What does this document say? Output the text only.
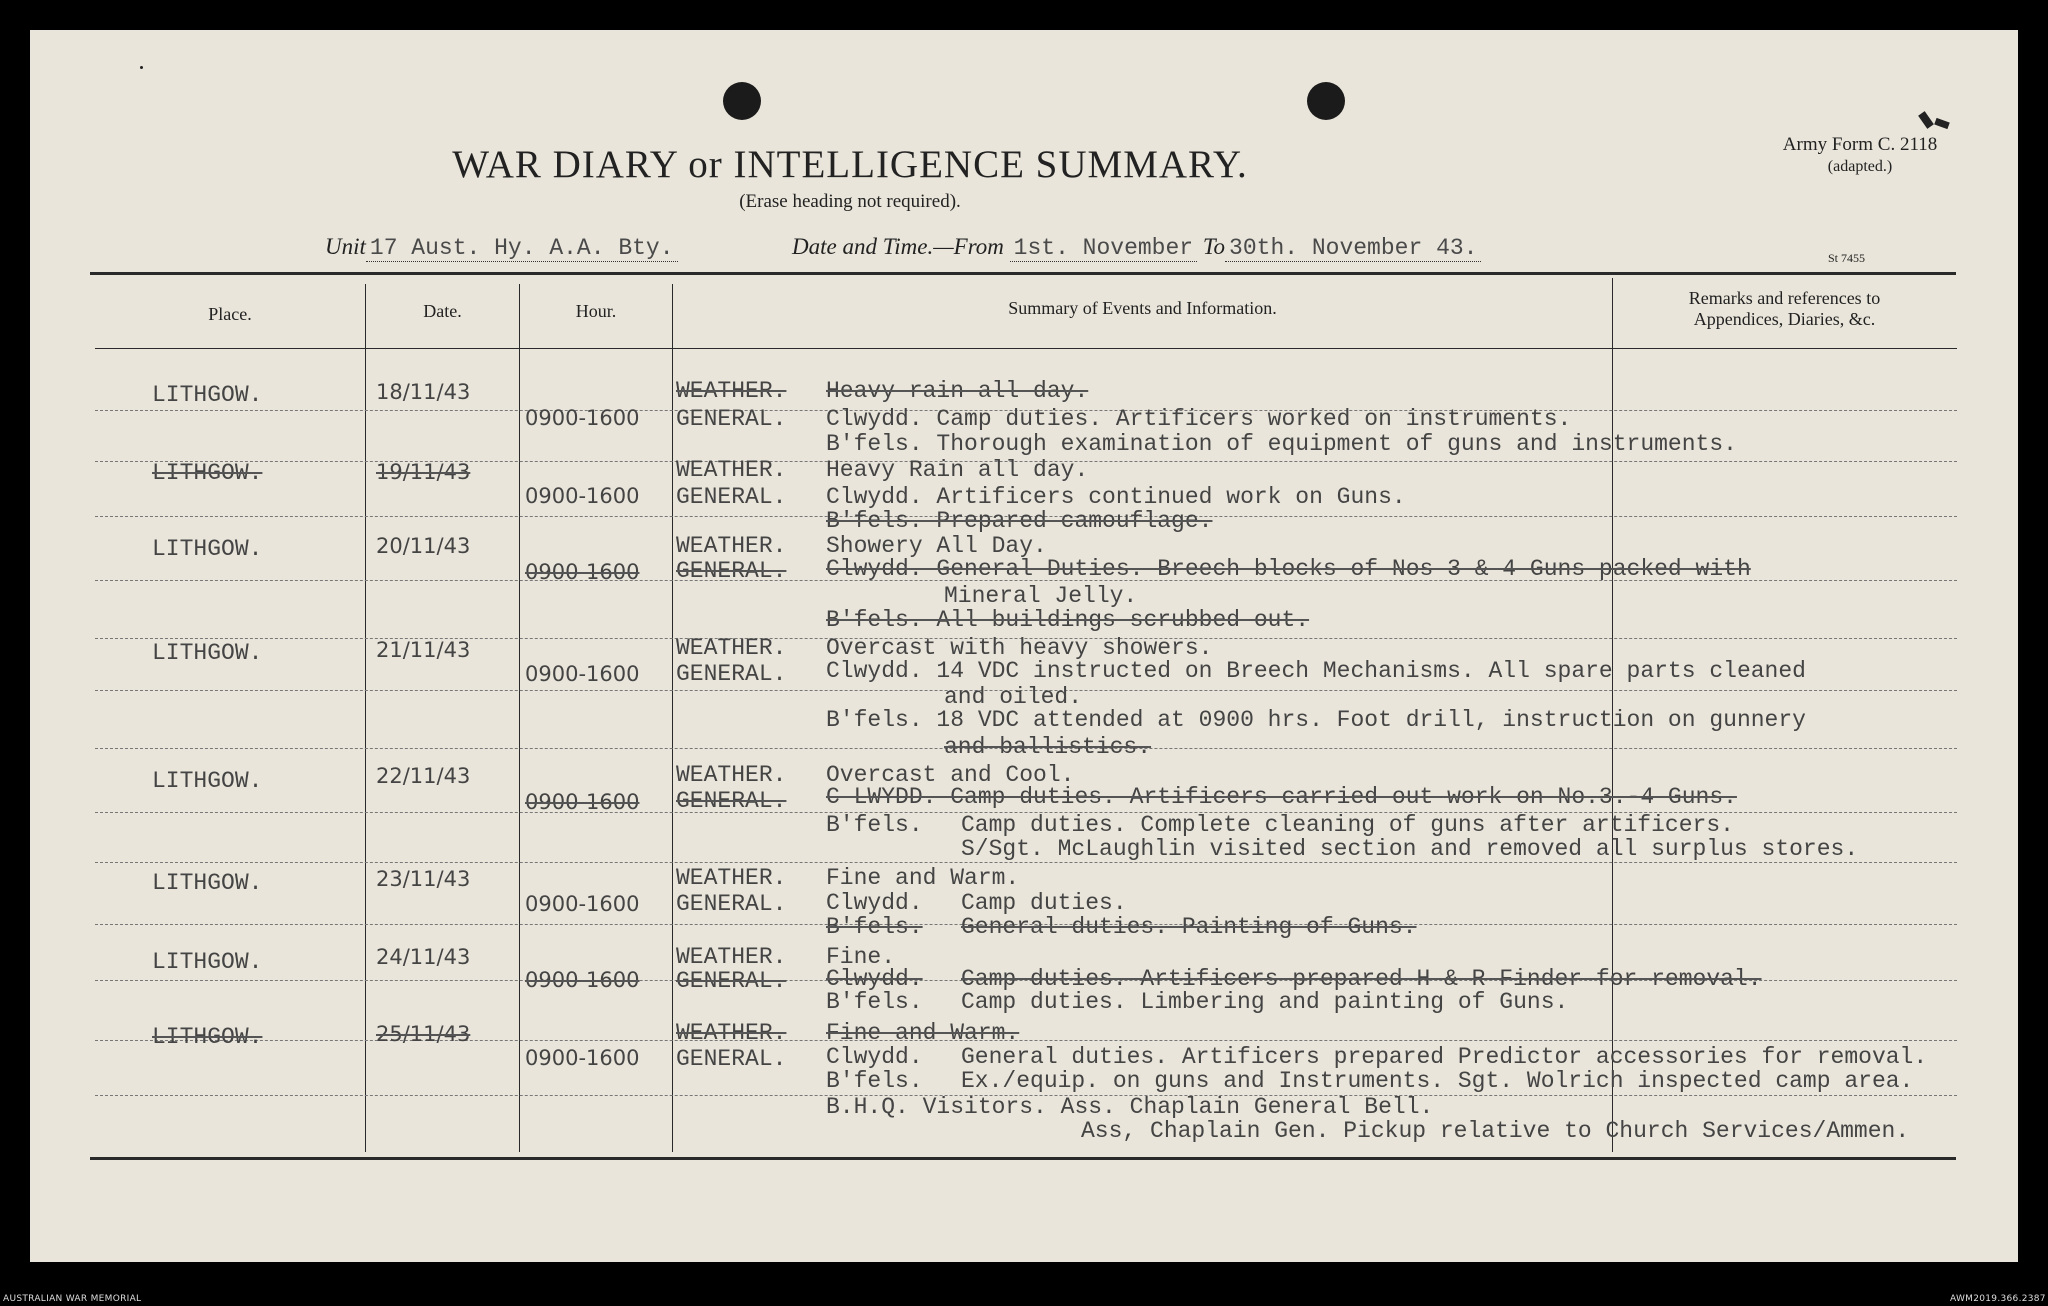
WAR DIARY or INTELLIGENCE SUMMARY.
(Erase heading not required).
Army Form C. 2118
(adapted.)
St 7455
Unit 17 Aust. Hy. A.A. Bty.	Date and Time.—From 1st. November To 30th. November 43.
Place.	Date.	Hour.	Summary of Events and Information.	Remarks and references to
Appendices, Diaries, &c.
LITHGOW.	18/11/43	WEATHER. Heavy rain all day.
0900-1600 GENERAL. Clwydd. Camp duties. Artificers worked on instruments.
B'fels. Thorough examination of equipment of guns and instruments.
LITHGOW.	19/11/43	WEATHER. Heavy Rain all day.
0900-1600 GENERAL. Clwydd. Artificers continued work on Guns.
B'fels. Prepared camouflage.
LITHGOW.	20/11/43	WEATHER. Showery All Day.
0900-1600 GENERAL. Clwydd. General Duties. Breech blocks of Nos 3 & 4 Guns packed with
Mineral Jelly.
B'fels. All buildings scrubbed out.
LITHGOW.	21/11/43	WEATHER. Overcast with heavy showers.
0900-1600 GENERAL. Clwydd. 14 VDC instructed on Breech Mechanisms. All spare parts cleaned
and oiled.
B'fels. 18 VDC attended at 0900 hrs. Foot drill, instruction on gunnery
and ballistics.
LITHGOW.	22/11/43	WEATHER. Overcast and Cool.
0900-1600 GENERAL. C LWYDD. Camp duties. Artificers carried out work on No.3.-4 Guns.
B'fels. Camp duties. Complete cleaning of guns after artificers.
S/Sgt. McLaughlin visited section and removed all surplus stores.
LITHGOW.	23/11/43	WEATHER. Fine and Warm.
0900-1600 GENERAL. Clwydd. Camp duties.
B'fels. General duties. Painting of Guns.
LITHGOW.	24/11/43	WEATHER. Fine.
0900-1600 GENERAL. Clwydd. Camp duties. Artificers prepared H & R Finder for removal.
B'fels. Camp duties. Limbering and painting of Guns.
LITHGOW.	25/11/43	WEATHER. Fine and Warm.
0900-1600 GENERAL. Clwydd. General duties. Artificers prepared Predictor accessories for removal.
B'fels. Ex./equip. on guns and Instruments. Sgt. Wolrich inspected camp area.
B.H.Q. Visitors. Ass. Chaplain General Bell.
Ass, Chaplain Gen. Pickup relative to Church Services/Ammen.
AUSTRALIAN WAR MEMORIAL	AWM2019.366.2387
